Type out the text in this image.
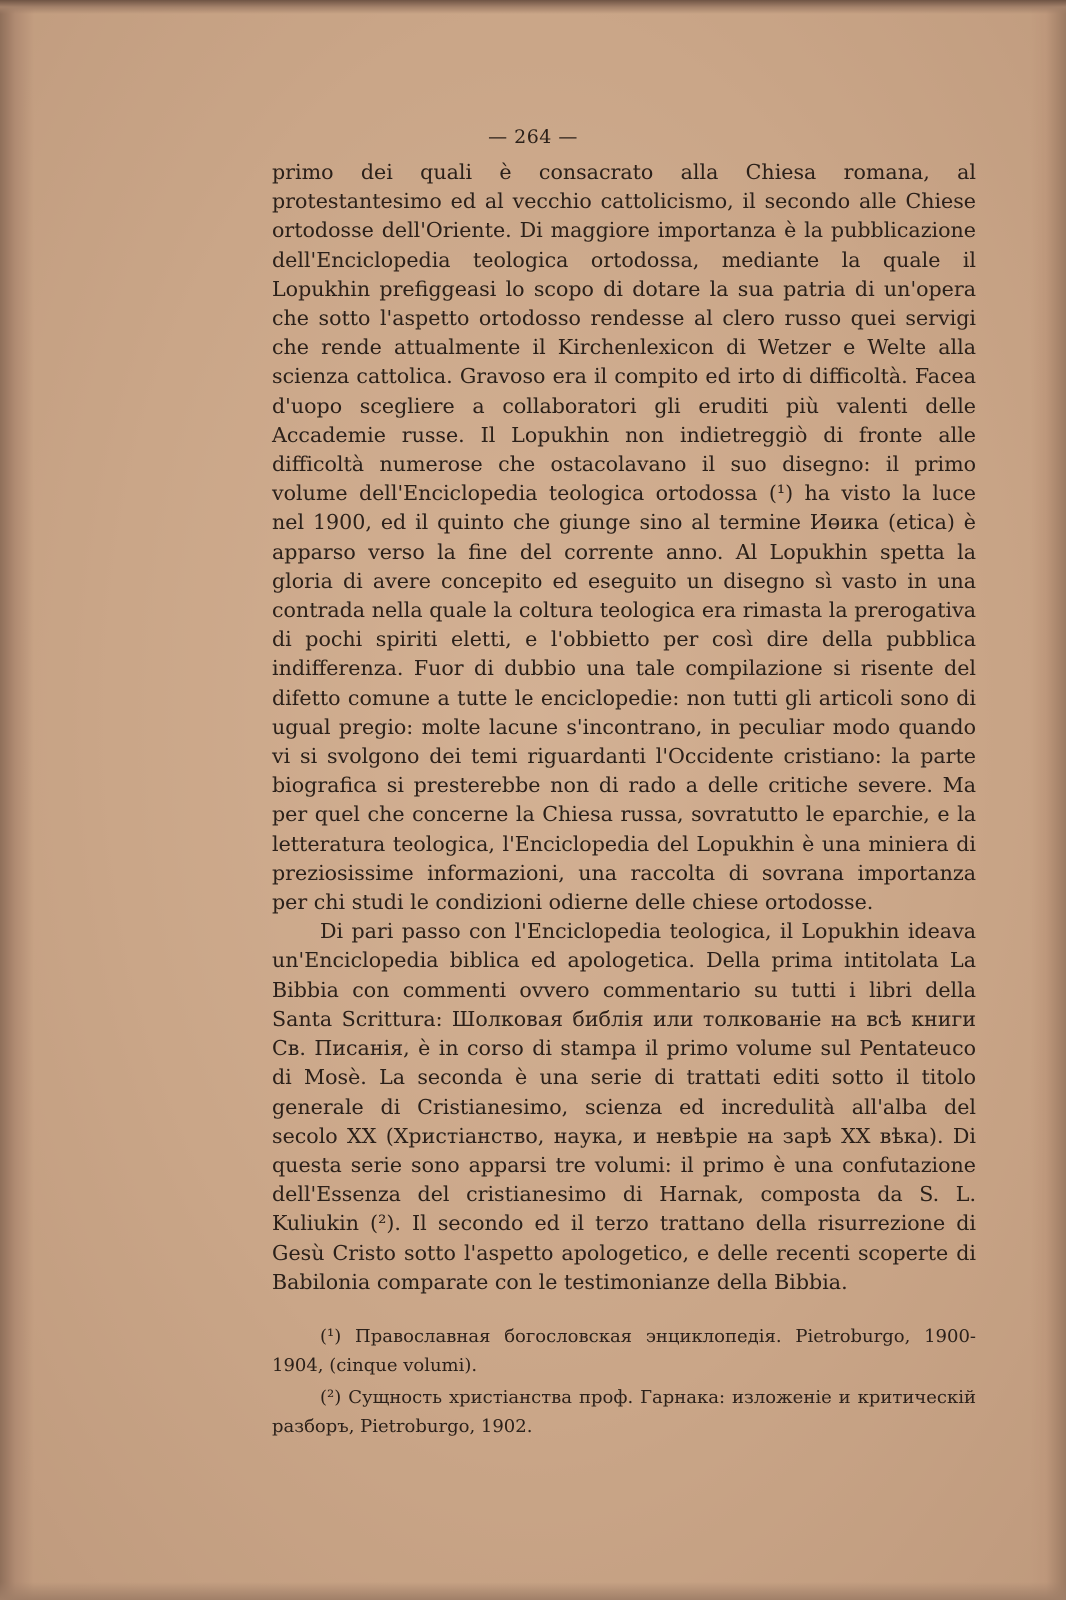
— 264 —

primo dei quali è consacrato alla Chiesa romana, al protestantesimo ed al vecchio cattolicismo, il secondo alle Chiese ortodosse dell'Oriente. Di maggiore importanza è la pubblicazione dell'Enciclopedia teologica ortodossa, mediante la quale il Lopukhin prefiggeasi lo scopo di dotare la sua patria di un'opera che sotto l'aspetto ortodosso rendesse al clero russo quei servigi che rende attualmente il Kirchenlexicon di Wetzer e Welte alla scienza cattolica. Gravoso era il compito ed irto di difficoltà. Facea d'uopo scegliere a collaboratori gli eruditi più valenti delle Accademie russe. Il Lopukhin non indietreggiò di fronte alle difficoltà numerose che ostacolavano il suo disegno: il primo volume dell'Enciclopedia teologica ortodossa (¹) ha visto la luce nel 1900, ed il quinto che giunge sino al termine Иөика (etica) è apparso verso la fine del corrente anno. Al Lopukhin spetta la gloria di avere concepito ed eseguito un disegno sì vasto in una contrada nella quale la coltura teologica era rimasta la prerogativa di pochi spiriti eletti, e l'obbietto per così dire della pubblica indifferenza. Fuor di dubbio una tale compilazione si risente del difetto comune a tutte le enciclopedie: non tutti gli articoli sono di ugual pregio: molte lacune s'incontrano, in peculiar modo quando vi si svolgono dei temi riguardanti l'Occidente cristiano: la parte biografica si presterebbe non di rado a delle critiche severe. Ma per quel che concerne la Chiesa russa, sovratutto le eparchie, e la letteratura teologica, l'Enciclopedia del Lopukhin è una miniera di preziosissime informazioni, una raccolta di sovrana importanza per chi studi le condizioni odierne delle chiese ortodosse.

Di pari passo con l'Enciclopedia teologica, il Lopukhin ideava un'Enciclopedia biblica ed apologetica. Della prima intitolata La Bibbia con commenti ovvero commentario su tutti i libri della Santa Scrittura: Шолковая библія или толкованіе на всѣ книги Св. Писанія, è in corso di stampa il primo volume sul Pentateuco di Mosè. La seconda è una serie di trattati editi sotto il titolo generale di Cristianesimo, scienza ed incredulità all'alba del secolo XX (Христіанство, наука, и невѣріе на зарѣ XX вѣка). Di questa serie sono apparsi tre volumi: il primo è una confutazione dell'Essenza del cristianesimo di Harnak, composta da S. L. Kuliukin (²). Il secondo ed il terzo trattano della risurrezione di Gesù Cristo sotto l'aspetto apologetico, e delle recenti scoperte di Babilonia comparate con le testimonianze della Bibbia.

(¹) Православная богословская энциклопедія. Pietroburgo, 1900-1904, (cinque volumi).

(²) Сущность христіанства проф. Гарнака: изложеніе и критическій разборъ, Pietroburgo, 1902.
